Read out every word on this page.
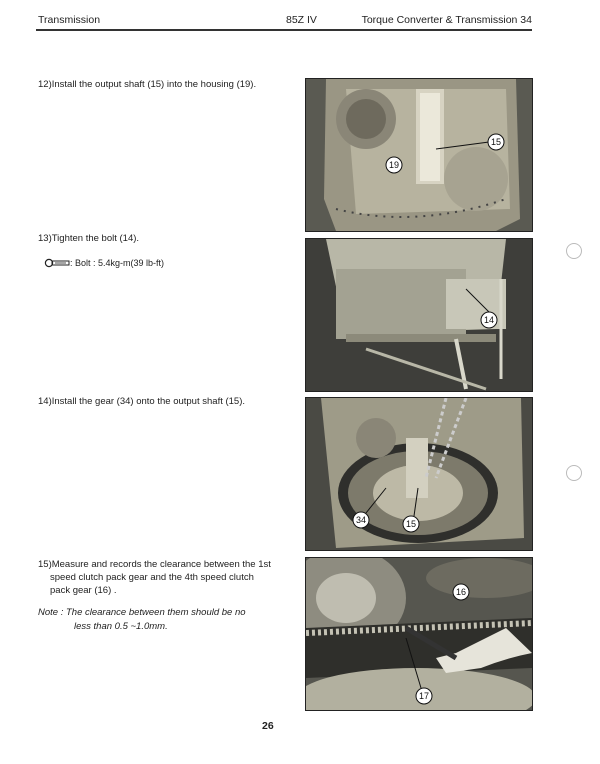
Transmission	85Z IV	Torque Converter & Transmission 34
12)Install the output shaft (15) into the housing (19).
13)Tighten the bolt (14).
: Bolt : 5.4kg-m(39 lb-ft)
14)Install the gear (34) onto the output shaft (15).
15)Measure and records the clearance between the 1st
speed clutch pack gear and the 4th speed clutch
pack gear (16) .
Note : The clearance between them should be no
less than 0.5 ~1.0mm.
15
19
14
34	15
17
16
26
